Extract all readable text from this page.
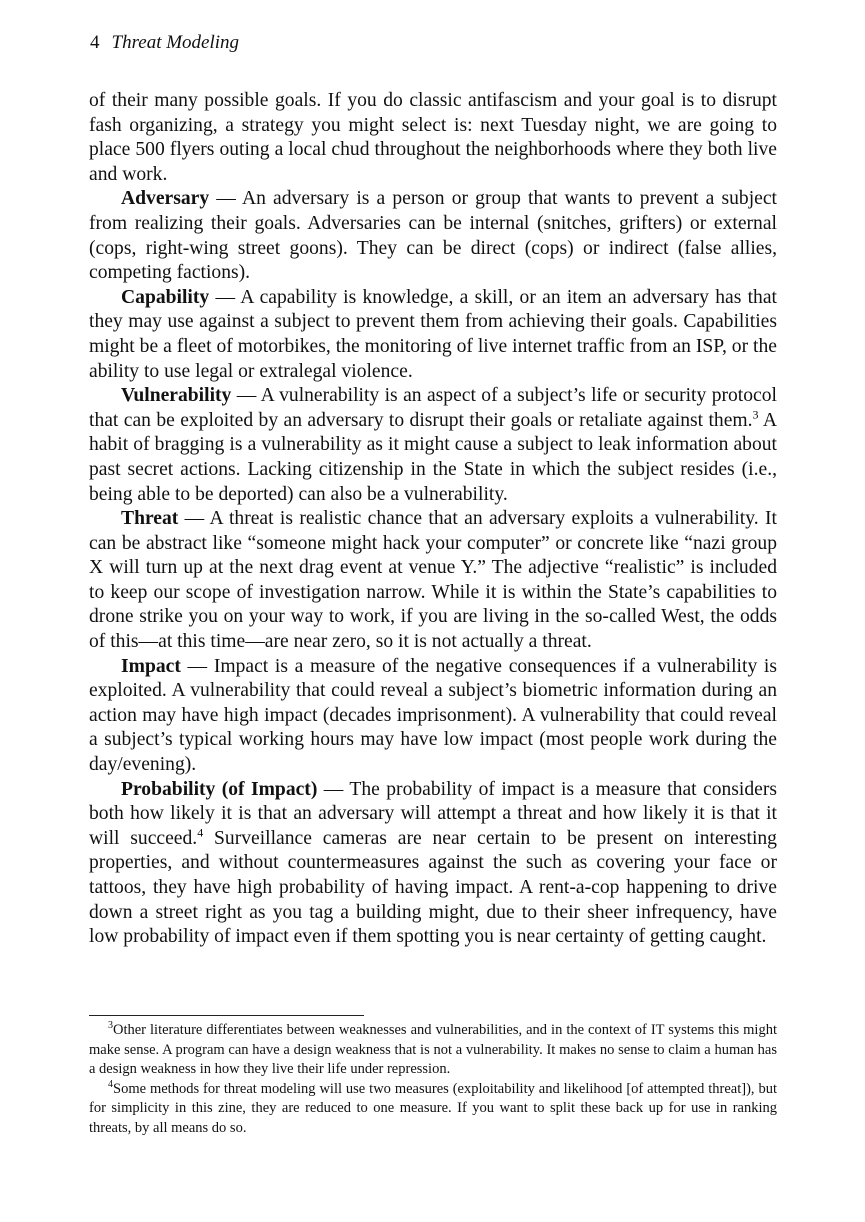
4 Threat Modeling

of their many possible goals. If you do classic antifascism and your goal is to disrupt fash organizing, a strategy you might select is: next Tuesday night, we are going to place 500 flyers outing a local chud throughout the neighborhoods where they both live and work.

Adversary — An adversary is a person or group that wants to prevent a subject from realizing their goals. Adversaries can be internal (snitches, grifters) or external (cops, right-wing street goons). They can be direct (cops) or indirect (false allies, competing factions).

Capability — A capability is knowledge, a skill, or an item an adversary has that they may use against a subject to prevent them from achieving their goals. Capabilities might be a fleet of motorbikes, the monitoring of live internet traffic from an ISP, or the ability to use legal or extralegal violence.

Vulnerability — A vulnerability is an aspect of a subject’s life or security protocol that can be exploited by an adversary to disrupt their goals or retaliate against them.$^3$ A habit of bragging is a vulnerability as it might cause a subject to leak information about past secret actions. Lacking citizenship in the State in which the subject resides (i.e., being able to be deported) can also be a vulnerability.

Threat — A threat is realistic chance that an adversary exploits a vulnerability. It can be abstract like “someone might hack your computer” or concrete like “nazi group X will turn up at the next drag event at venue Y.” The adjective “realistic” is included to keep our scope of investigation narrow. While it is within the State’s capabilities to drone strike you on your way to work, if you are living in the so-called West, the odds of this—at this time—are near zero, so it is not actually a threat.

Impact — Impact is a measure of the negative consequences if a vulnerability is exploited. A vulnerability that could reveal a subject’s biometric information during an action may have high impact (decades imprisonment). A vulnerability that could reveal a subject’s typical working hours may have low impact (most people work during the day/evening).

Probability (of Impact) — The probability of impact is a measure that considers both how likely it is that an adversary will attempt a threat and how likely it is that it will succeed.$^4$ Surveillance cameras are near certain to be present on interesting properties, and without countermeasures against the such as covering your face or tattoos, they have high probability of having impact. A rent-a-cop happening to drive down a street right as you tag a building might, due to their sheer infrequency, have low probability of impact even if them spotting you is near certainty of getting caught.

$^3$Other literature differentiates between weaknesses and vulnerabilities, and in the context of IT systems this might make sense. A program can have a design weakness that is not a vulnerability. It makes no sense to claim a human has a design weakness in how they live their life under repression.

$^4$Some methods for threat modeling will use two measures (exploitability and likelihood [of attempted threat]), but for simplicity in this zine, they are reduced to one measure. If you want to split these back up for use in ranking threats, by all means do so.
